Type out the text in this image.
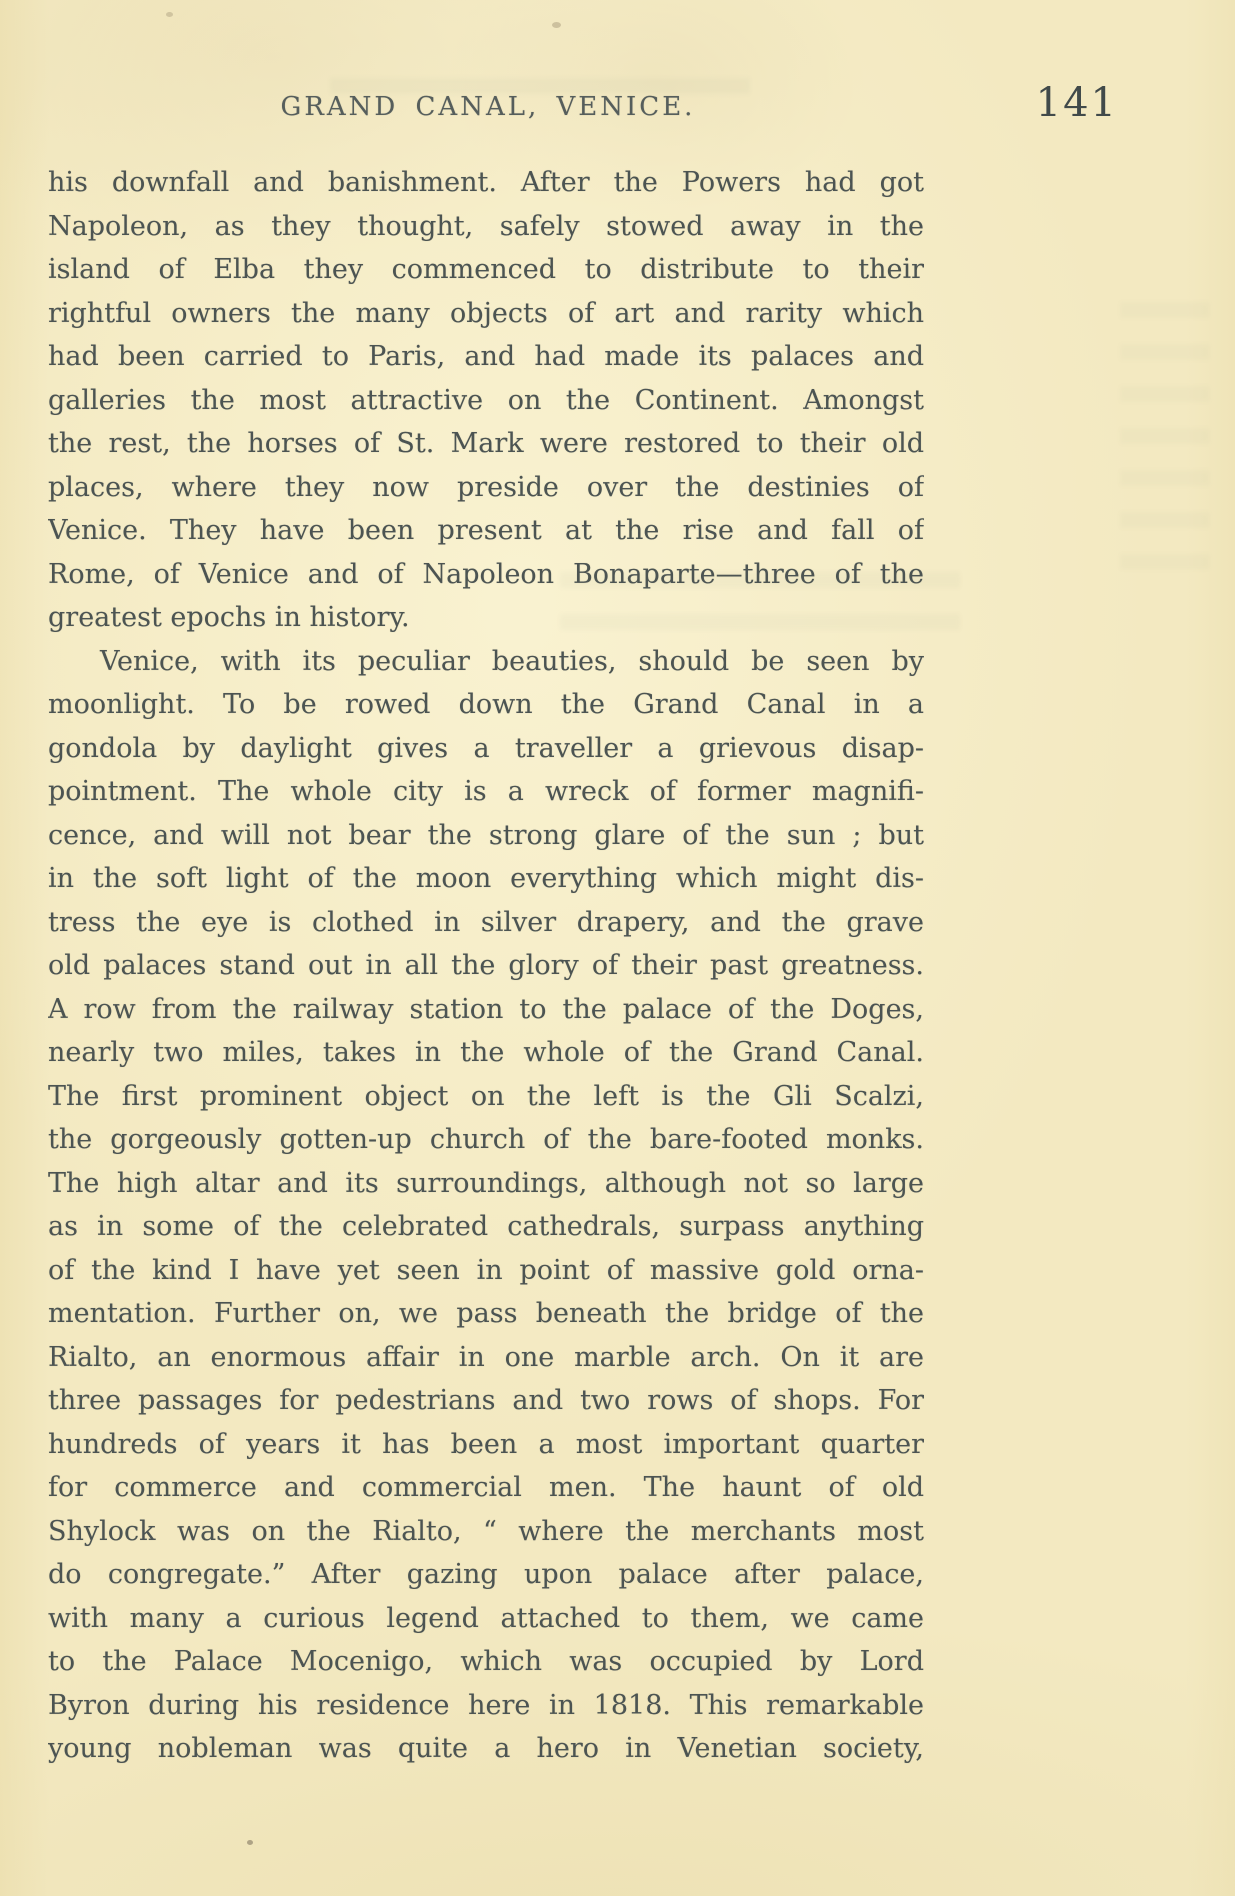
GRAND CANAL, VENICE.	141
his downfall and banishment. After the Powers had got
Napoleon, as they thought, safely stowed away in the
island of Elba they commenced to distribute to their
rightful owners the many objects of art and rarity which
had been carried to Paris, and had made its palaces and
galleries the most attractive on the Continent. Amongst
the rest, the horses of St. Mark were restored to their old
places, where they now preside over the destinies of
Venice. They have been present at the rise and fall of
Rome, of Venice and of Napoleon Bonaparte—three of the
greatest epochs in history.
Venice, with its peculiar beauties, should be seen by
moonlight. To be rowed down the Grand Canal in a
gondola by daylight gives a traveller a grievous disap-
pointment. The whole city is a wreck of former magnifi-
cence, and will not bear the strong glare of the sun ; but
in the soft light of the moon everything which might dis-
tress the eye is clothed in silver drapery, and the grave
old palaces stand out in all the glory of their past greatness.
A row from the railway station to the palace of the Doges,
nearly two miles, takes in the whole of the Grand Canal.
The first prominent object on the left is the Gli Scalzi,
the gorgeously gotten-up church of the bare-footed monks.
The high altar and its surroundings, although not so large
as in some of the celebrated cathedrals, surpass anything
of the kind I have yet seen in point of massive gold orna-
mentation. Further on, we pass beneath the bridge of the
Rialto, an enormous affair in one marble arch. On it are
three passages for pedestrians and two rows of shops. For
hundreds of years it has been a most important quarter
for commerce and commercial men. The haunt of old
Shylock was on the Rialto, “ where the merchants most
do congregate.” After gazing upon palace after palace,
with many a curious legend attached to them, we came
to the Palace Mocenigo, which was occupied by Lord
Byron during his residence here in 1818. This remarkable
young nobleman was quite a hero in Venetian society,
